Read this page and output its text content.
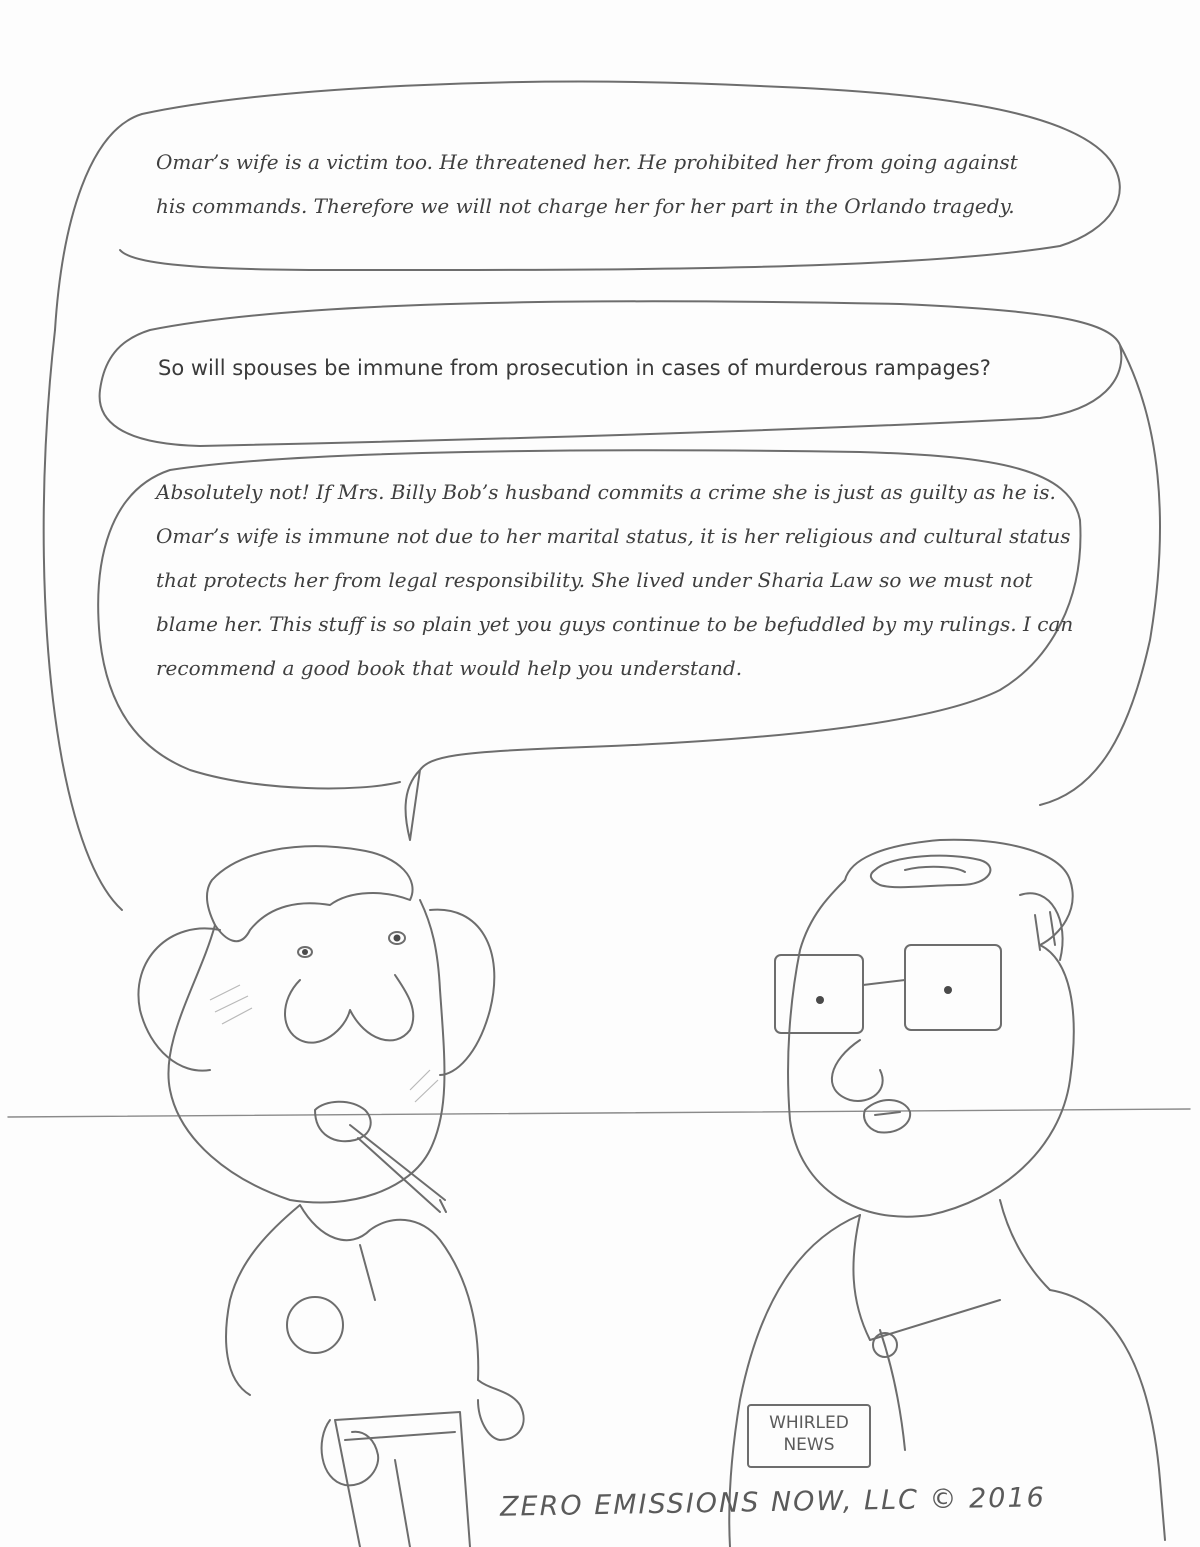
Omar’s wife is a victim too. He threatened her. He prohibited her from going against his commands. Therefore we will not charge her for her part in the Orlando tragedy.

So will spouses be immune from prosecution in cases of murderous rampages?

Absolutely not! If Mrs. Billy Bob’s husband commits a crime she is just as guilty as he is. Omar’s wife is immune not due to her marital status, it is her religious and cultural status that protects her from legal responsibility. She lived under Sharia Law so we must not blame her. This stuff is so plain yet you guys continue to be befuddled by my rulings. I can recommend a good book that would help you understand.

WHIRLED NEWS

ZERO EMISSIONS NOW, LLC © 2016
